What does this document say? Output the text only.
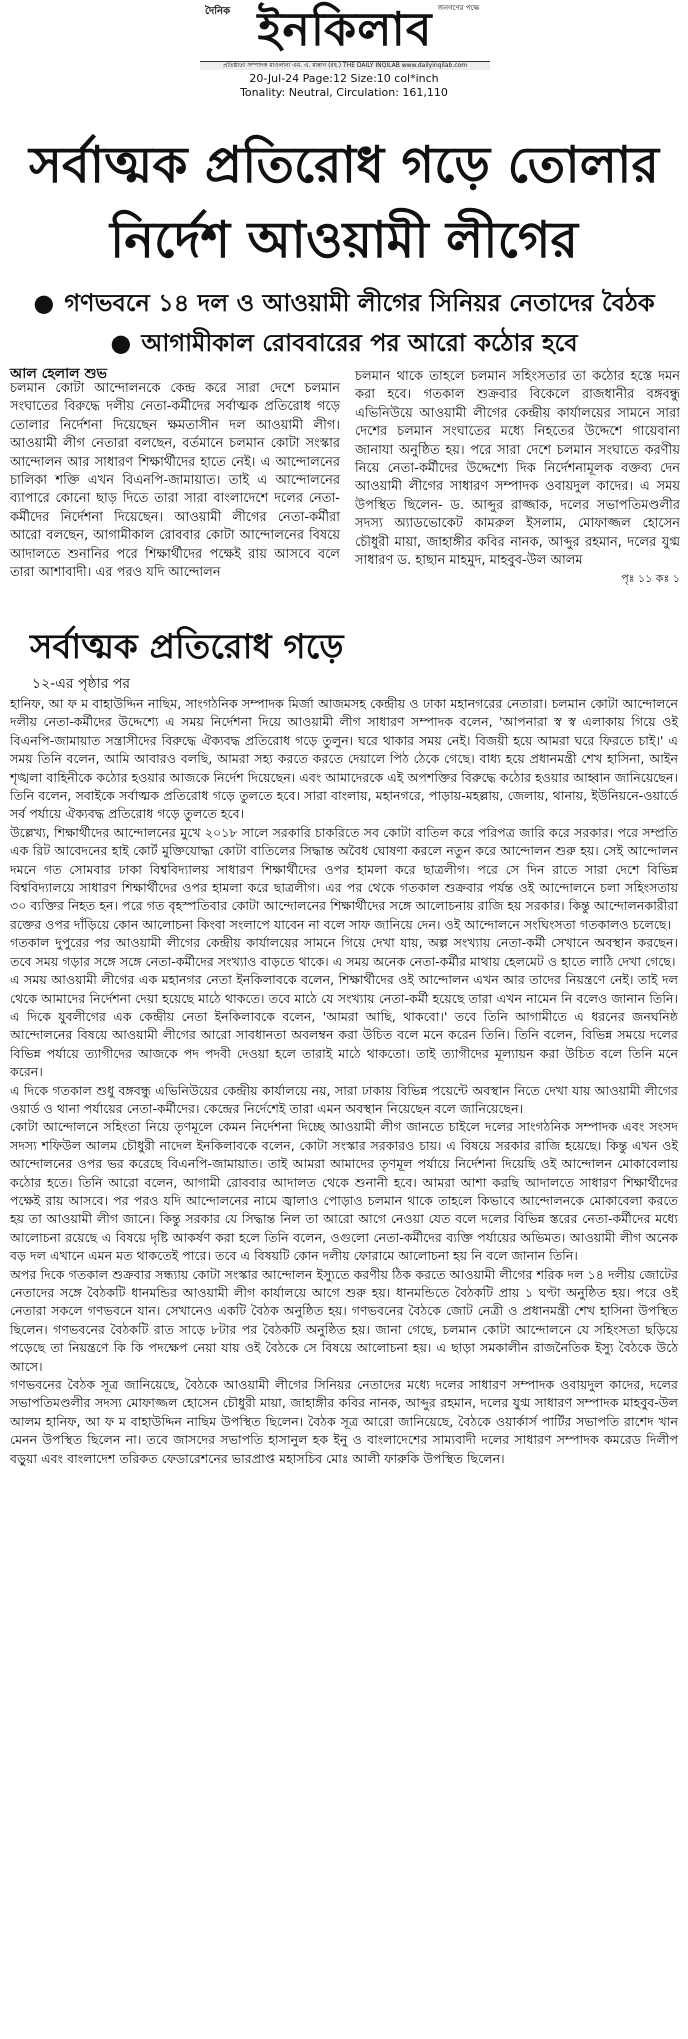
দৈনিক ইনকিলাব জনগণের পক্ষে
প্রতিষ্ঠাতা সম্পাদক মাওলানা এম. এ. মান্নান (রহ.) THE DAILY INQILAB www.dailyinqilab.com
20-Jul-24 Page:12 Size:10 col*inch
Tonality: Neutral, Circulation: 161,110
সর্বাত্মক প্রতিরোধ গড়ে তোলার
নির্দেশ আওয়ামী লীগের
● গণভবনে ১৪ দল ও আওয়ামী লীগের সিনিয়র নেতাদের বৈঠক
● আগামীকাল রোববারের পর আরো কঠোর হবে
আল হেলাল শুভ

চলমান কোটা আন্দোলনকে কেন্দ্র করে সারা দেশে চলমান সংঘাতের বিরুদ্ধে দলীয় নেতা-কর্মীদের সর্বাত্মক প্রতিরোধ গড়ে তোলার নির্দেশনা দিয়েছেন ক্ষমতাসীন দল আওয়ামী লীগ। আওয়ামী লীগ নেতারা বলছেন, বর্তমানে চলমান কোটা সংস্কার আন্দোলন আর সাধারণ শিক্ষার্থীদের হাতে নেই। এ আন্দোলনের চালিকা শক্তি এখন বিএনপি-জামায়াত। তাই এ আন্দোলনের ব্যাপারে কোনো ছাড় দিতে তারা সারা বাংলাদেশে দলের নেতা-কর্মীদের নির্দেশনা দিয়েছেন। আওয়ামী লীগের নেতা-কর্মীরা আরো বলছেন, আগামীকাল রোববার কোটা আন্দোলনের বিষয়ে আদালতে শুনানির পরে শিক্ষার্থীদের পক্ষেই রায় আসবে বলে তারা আশাবাদী। এর পরও যদি আন্দোলন

চলমান থাকে তাহলে চলমান সহিংসতার তা কঠোর হস্তে দমন করা হবে। গতকাল শুক্রবার বিকেলে রাজধানীর বঙ্গবন্ধু এভিনিউয়ে আওয়ামী লীগের কেন্দ্রীয় কার্যালয়ের সামনে সারা দেশের চলমান সংঘাতের মধ্যে নিহতের উদ্দেশে গায়েবানা জানাযা অনুষ্ঠিত হয়। পরে সারা দেশে চলমান সংঘাতে করণীয় নিয়ে নেতা-কর্মীদের উদ্দেশ্যে দিক নির্দেশনামূলক বক্তব্য দেন আওয়ামী লীগের সাধারণ সম্পাদক ওবায়দুল কাদের। এ সময় উপস্থিত ছিলেন- ড. আব্দুর রাজ্জাক, দলের সভাপতিমণ্ডলীর সদস্য অ্যাডভোকেট কামরুল ইসলাম, মোফাজ্জল হোসেন চৌধুরী মায়া, জাহাঙ্গীর কবির নানক, আব্দুর রহমান, দলের যুগ্ম সাধারণ ড. হাছান মাহমুদ, মাহবুব-উল আলম

পৃঃ ১১ কঃ ১
সর্বাত্মক প্রতিরোধ গড়ে
১২-এর পৃষ্ঠার পর

হানিফ, আ ফ ম বাহাউদ্দিন নাছিম, সাংগঠনিক সম্পাদক মির্জা আজমসহ কেন্দ্রীয় ও ঢাকা মহানগরের নেতারা। চলমান কোটা আন্দোলনে দলীয় নেতা-কর্মীদের উদ্দেশ্যে এ সময় নির্দেশনা দিয়ে আওয়ামী লীগ সাধারণ সম্পাদক বলেন, 'আপনারা স্ব স্ব এলাকায় গিয়ে ওই বিএনপি-জামায়াত সন্ত্রাসীদের বিরুদ্ধে ঐক্যবদ্ধ প্রতিরোধ গড়ে তুলুন। ঘরে থাকার সময় নেই। বিজয়ী হয়ে আমরা ঘরে ফিরতে চাই।' এ সময় তিনি বলেন, আমি আবারও বলছি, আমরা সহ্য করতে করতে দেয়ালে পিঠ ঠেকে গেছে। বাধ্য হয়ে প্রধানমন্ত্রী শেখ হাসিনা, আইন শৃঙ্খলা বাহিনীকে কঠোর হওয়ার আজকে নির্দেশ দিয়েছেন। এবং আমাদেরকে এই অপশক্তির বিরুদ্ধে কঠোর হওয়ার আহ্বান জানিয়েছেন। তিনি বলেন, সবাইকে সর্বাত্মক প্রতিরোধ গড়ে তুলতে হবে। সারা বাংলায়, মহানগরে, পাড়ায়-মহল্লায়, জেলায়, থানায়, ইউনিয়নে-ওয়ার্ডে সর্ব পর্যায়ে ঐক্যবদ্ধ প্রতিরোধ গড়ে তুলতে হবে।

উল্লেখ্য, শিক্ষার্থীদের আন্দোলনের মুখে ২০১৮ সালে সরকারি চাকরিতে সব কোটা বাতিল করে পরিপত্র জারি করে সরকার। পরে সম্প্রতি এক রিট আবেদনের হাই কোর্ট মুক্তিযোদ্ধা কোটা বাতিলের সিদ্ধান্ত অবৈধ ঘোষণা করলে নতুন করে আন্দোলন শুরু হয়। সেই আন্দোলন দমনে গত সোমবার ঢাকা বিশ্ববিদ্যালয় সাধারণ শিক্ষার্থীদের ওপর হামলা করে ছাত্রলীগ। পরে সে দিন রাতে সারা দেশে বিভিন্ন বিশ্ববিদ্যালয়ে সাধারণ শিক্ষার্থীদের ওপর হামলা করে ছাত্রলীগ। এর পর থেকে গতকাল শুক্রবার পর্যন্ত ওই আন্দোলনে চলা সহিংসতায় ৩০ ব্যক্তির নিহত হন। পরে গত বৃহস্পতিবার কোটা আন্দোলনের শিক্ষার্থীদের সঙ্গে আলোচনায় রাজি হয় সরকার। কিন্তু আন্দোলনকারীরা রক্তের ওপর দাঁড়িয়ে কোন আলোচনা কিংবা সংলাপে যাবেন না বলে সাফ জানিয়ে দেন। ওই আন্দোলনে সংঘিংসতা গতকালও চলেছে।

গতকাল দুপুরের পর আওয়ামী লীগের কেন্দ্রীয় কার্যালয়ের সামনে গিয়ে দেখা যায়, অল্প সংখ্যায় নেতা-কর্মী সেখানে অবস্থান করছেন। তবে সময় গড়ার সঙ্গে সঙ্গে নেতা-কর্মীদের সংখ্যাও বাড়তে থাকে। এ সময় অনেক নেতা-কর্মীর মাথায় হেলমেট ও হাতে লাঠি দেখা গেছে।

এ সময় আওয়ামী লীগের এক মহানগর নেতা ইনকিলাবকে বলেন, শিক্ষার্থীদের ওই আন্দোলন এখন আর তাদের নিয়ন্ত্রণে নেই। তাই দল থেকে আমাদের নির্দেশনা দেয়া হয়েছে মাঠে থাকতে। তবে মাঠে যে সংখ্যায় নেতা-কর্মী হয়েছে তারা এখন নামেন নি বলেও জানান তিনি। এ দিকে যুবলীগের এক কেন্দ্রীয় নেতা ইনকিলাবকে বলেন, 'আমরা আছি, থাকবো।' তবে তিনি আগামীতে এ ধরনের জনঘনিষ্ঠ আন্দোলনের বিষয়ে আওয়ামী লীগের আরো সাবধানতা অবলম্বন করা উচিত বলে মনে করেন তিনি। তিনি বলেন, বিভিন্ন সময়ে দলের বিভিন্ন পর্যায়ে ত্যাগীদের আজকে পদ পদবী দেওয়া হলে তারাই মাঠে থাকতো। তাই ত্যাগীদের মূল্যায়ন করা উচিত বলে তিনি মনে করেন।

এ দিকে গতকাল শুধু বঙ্গবন্ধু এভিনিউয়ের কেন্দ্রীয় কার্যালয়ে নয়, সারা ঢাকায় বিভিন্ন পয়েন্টে অবস্থান নিতে দেখা যায় আওয়ামী লীগের ওয়ার্ড ও থানা পর্যায়ের নেতা-কর্মীদের। কেন্দ্রের নির্দেশেই তারা এমন অবস্থান নিয়েছেন বলে জানিয়েছেন।

কোটা আন্দোলনে সহিংতা নিয়ে তৃণমূলে কেমন নির্দেশনা দিচ্ছে আওয়ামী লীগ জানতে চাইলে দলের সাংগঠনিক সম্পাদক এবং সংসদ সদস্য শফিউল আলম চৌধুরী নাদেল ইনকিলাবকে বলেন, কোটা সংস্কার সরকারও চায়। এ বিষয়ে সরকার রাজি হয়েছে। কিন্তু এখন ওই আন্দোলনের ওপর ভর করেছে বিএনপি-জামায়াত। তাই আমরা আমাদের তৃণমূল পর্যায়ে নির্দেশনা দিয়েছি ওই আন্দোলন মোকাবেলায় কঠোর হতে। তিনি আরো বলেন, আগামী রোববার আদালত থেকে শুনানী হবে। আমরা আশা করছি আদালতে সাধারণ শিক্ষার্থীদের পক্ষেই রায় আসবে। পর পরও যদি আন্দোলনের নামে জ্বালাও পোড়াও চলমান থাকে তাহলে কিভাবে আন্দোলনকে মোকাবেলা করতে হয় তা আওয়ামী লীগ জানে। কিন্তু সরকার যে সিদ্ধান্ত নিল তা আরো আগে নেওয়া যেত বলে দলের বিভিন্ন স্তরের নেতা-কর্মীদের মধ্যে আলোচনা রয়েছে এ বিষয়ে দৃষ্টি আকর্ষণ করা হলে তিনি বলেন, ওগুলো নেতা-কর্মীদের ব্যক্তি পর্যায়ের অভিমত। আওয়ামী লীগ অনেক বড় দল এখানে এমন মত থাকতেই পারে। তবে এ বিষয়টি কোন দলীয় ফোরামে আলোচনা হয় নি বলে জানান তিনি।

অপর দিকে গতকাল শুক্রবার সন্ধ্যায় কোটা সংস্কার আন্দোলন ইস্যুতে করণীয় ঠিক করতে আওয়ামী লীগের শরিক দল ১৪ দলীয় জোটের নেতাদের সঙ্গে বৈঠকটি ধানমন্ডির আওয়ামী লীগ কার্যালয়ে আগে শুরু হয়। ধানমন্ডিতে বৈঠকটি প্রায় ১ ঘণ্টা অনুষ্ঠিত হয়। পরে ওই নেতারা সকলে গণভবনে যান। সেখানেও একটি বৈঠক অনুষ্ঠিত হয়। গণভবনের বৈঠকে জোট নেত্রী ও প্রধানমন্ত্রী শেখ হাসিনা উপস্থিত ছিলেন। গণভবনের বৈঠকটি রাত সাড়ে ৮টার পর বৈঠকটি অনুষ্ঠিত হয়। জানা গেছে, চলমান কোটা আন্দোলনে যে সহিংসতা ছড়িয়ে পড়েছে তা নিয়ন্ত্রণে কি কি পদক্ষেপ নেয়া যায় ওই বৈঠকে সে বিষয়ে আলোচনা হয়। এ ছাড়া সমকালীন রাজনৈতিক ইস্যু বৈঠকে উঠে আসে।

গণভবনের বৈঠক সূত্র জানিয়েছে, বৈঠকে আওয়ামী লীগের সিনিয়র নেতাদের মধ্যে দলের সাধারণ সম্পাদক ওবায়দুল কাদের, দলের সভাপতিমণ্ডলীর সদস্য মোফাজ্জল হোসেন চৌধুরী মায়া, জাহাঙ্গীর কবির নানক, আব্দুর রহমান, দলের যুগ্ম সাধারণ সম্পাদক মাহবুব-উল আলম হানিফ, আ ফ ম বাহাউদ্দিন নাছিম উপস্থিত ছিলেন। বৈঠক সূত্র আরো জানিয়েছে, বৈঠকে ওয়ার্কার্স পার্টির সভাপতি রাশেদ খান মেনন উপস্থিত ছিলেন না। তবে জাসদের সভাপতি হাসানুল হক ইনু ও বাংলাদেশের সাম্যবাদী দলের সাধারণ সম্পাদক কমরেড দিলীপ বড়ুয়া এবং বাংলাদেশ তরিকত ফেডারেশনের ভারপ্রাপ্ত মহাসচিব মোঃ আলী ফারুকি উপস্থিত ছিলেন।
